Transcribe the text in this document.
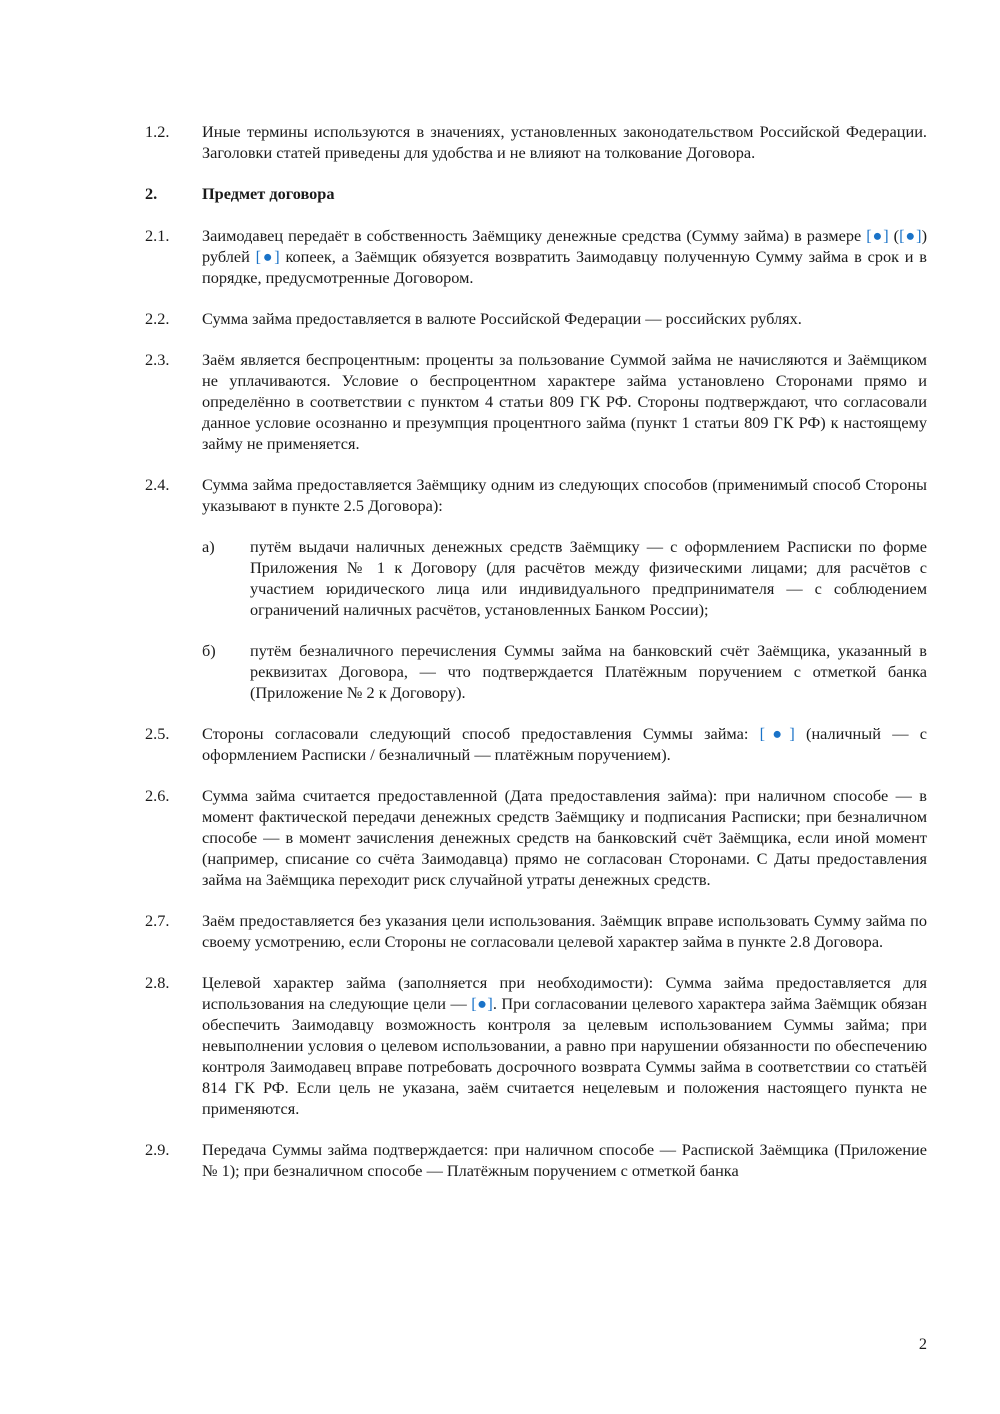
1.2.	Иные термины используются в значениях, установленных законодательством Российской Федерации. Заголовки статей приведены для удобства и не влияют на толкование Договора.
2.	Предмет договора
2.1.	Заимодавец передаёт в собственность Заёмщику денежные средства (Сумму займа) в размере [●] ([●]) рублей [●] копеек, а Заёмщик обязуется возвратить Заимодавцу полученную Сумму займа в срок и в порядке, предусмотренные Договором.
2.2.	Сумма займа предоставляется в валюте Российской Федерации — российских рублях.
2.3.	Заём является беспроцентным: проценты за пользование Суммой займа не начисляются и Заёмщиком не уплачиваются. Условие о беспроцентном характере займа установлено Сторонами прямо и определённо в соответствии с пунктом 4 статьи 809 ГК РФ. Стороны подтверждают, что согласовали данное условие осознанно и презумпция процентного займа (пункт 1 статьи 809 ГК РФ) к настоящему займу не применяется.
2.4.	Сумма займа предоставляется Заёмщику одним из следующих способов (применимый способ Стороны указывают в пункте 2.5 Договора):
а)	путём выдачи наличных денежных средств Заёмщику — с оформлением Расписки по форме Приложения № 1 к Договору (для расчётов между физическими лицами; для расчётов с участием юридического лица или индивидуального предпринимателя — с соблюдением ограничений наличных расчётов, установленных Банком России);
б)	путём безналичного перечисления Суммы займа на банковский счёт Заёмщика, указанный в реквизитах Договора, — что подтверждается Платёжным поручением с отметкой банка (Приложение № 2 к Договору).
2.5.	Стороны согласовали следующий способ предоставления Суммы займа: [●] (наличный — с оформлением Расписки / безналичный — платёжным поручением).
2.6.	Сумма займа считается предоставленной (Дата предоставления займа): при наличном способе — в момент фактической передачи денежных средств Заёмщику и подписания Расписки; при безналичном способе — в момент зачисления денежных средств на банковский счёт Заёмщика, если иной момент (например, списание со счёта Заимодавца) прямо не согласован Сторонами. С Даты предоставления займа на Заёмщика переходит риск случайной утраты денежных средств.
2.7.	Заём предоставляется без указания цели использования. Заёмщик вправе использовать Сумму займа по своему усмотрению, если Стороны не согласовали целевой характер займа в пункте 2.8 Договора.
2.8.	Целевой характер займа (заполняется при необходимости): Сумма займа предоставляется для использования на следующие цели — [●]. При согласовании целевого характера займа Заёмщик обязан обеспечить Заимодавцу возможность контроля за целевым использованием Суммы займа; при невыполнении условия о целевом использовании, а равно при нарушении обязанности по обеспечению контроля Заимодавец вправе потребовать досрочного возврата Суммы займа в соответствии со статьёй 814 ГК РФ. Если цель не указана, заём считается нецелевым и положения настоящего пункта не применяются.
2.9.	Передача Суммы займа подтверждается: при наличном способе — Распиской Заёмщика (Приложение № 1); при безналичном способе — Платёжным поручением с отметкой банка
2
